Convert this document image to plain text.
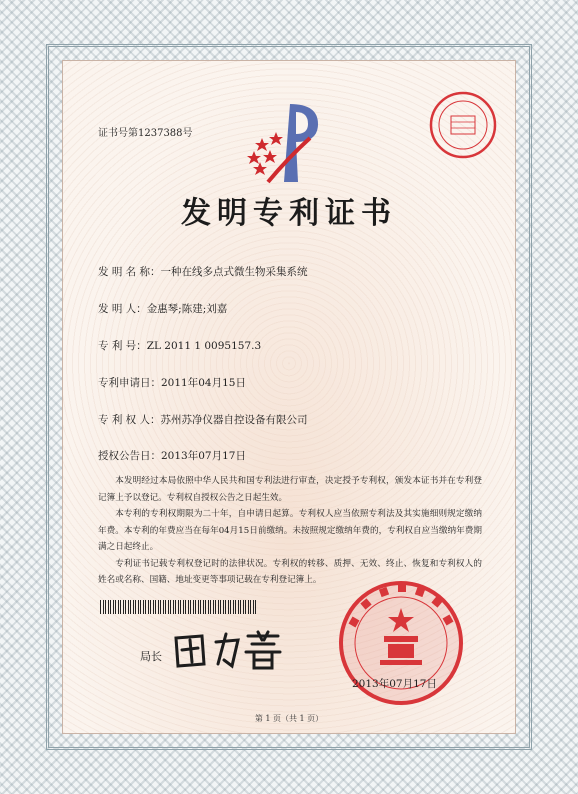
证书号第1237388号
发明专利证书
发 明 名 称：一种在线多点式微生物采集系统
发 明 人：金惠琴;陈建;刘嘉
专 利 号：ZL 2011 1 0095157.3
专利申请日：2011年04月15日
专 利 权 人：苏州苏净仪器自控设备有限公司
授权公告日：2013年07月17日

本发明经过本局依照中华人民共和国专利法进行审查，决定授予专利权，颁发本证书并在专利登记簿上予以登记。专利权自授权公告之日起生效。

本专利的专利权期限为二十年，自申请日起算。专利权人应当依照专利法及其实施细则规定缴纳年费。本专利的年费应当在每年04月15日前缴纳。未按照规定缴纳年费的，专利权自应当缴纳年费期满之日起终止。

专利证书记载专利权登记时的法律状况。专利权的转移、质押、无效、终止、恢复和专利权人的姓名或名称、国籍、地址变更等事项记载在专利登记簿上。

局长
2013年07月17日
第 1 页（共 1 页）
